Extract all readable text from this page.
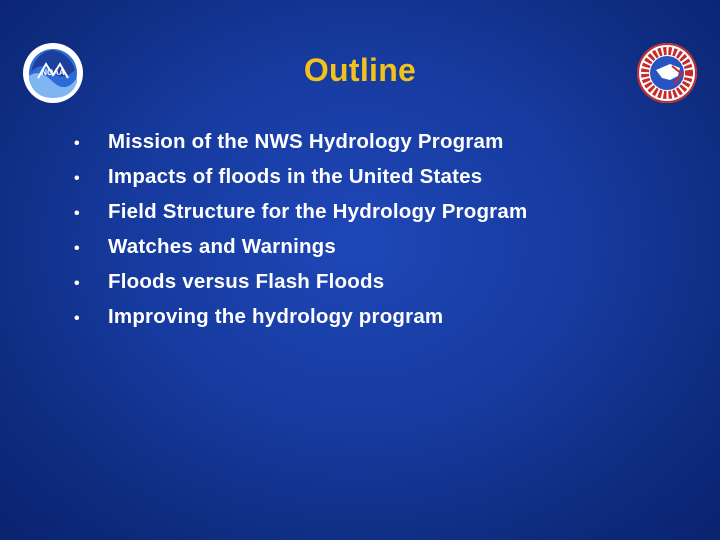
NOAA	Outline
•	Mission of the NWS Hydrology Program
•	Impacts of floods in the United States
•	Field Structure for the Hydrology Program
•	Watches and Warnings
•	Floods versus Flash Floods
•	Improving the hydrology program
